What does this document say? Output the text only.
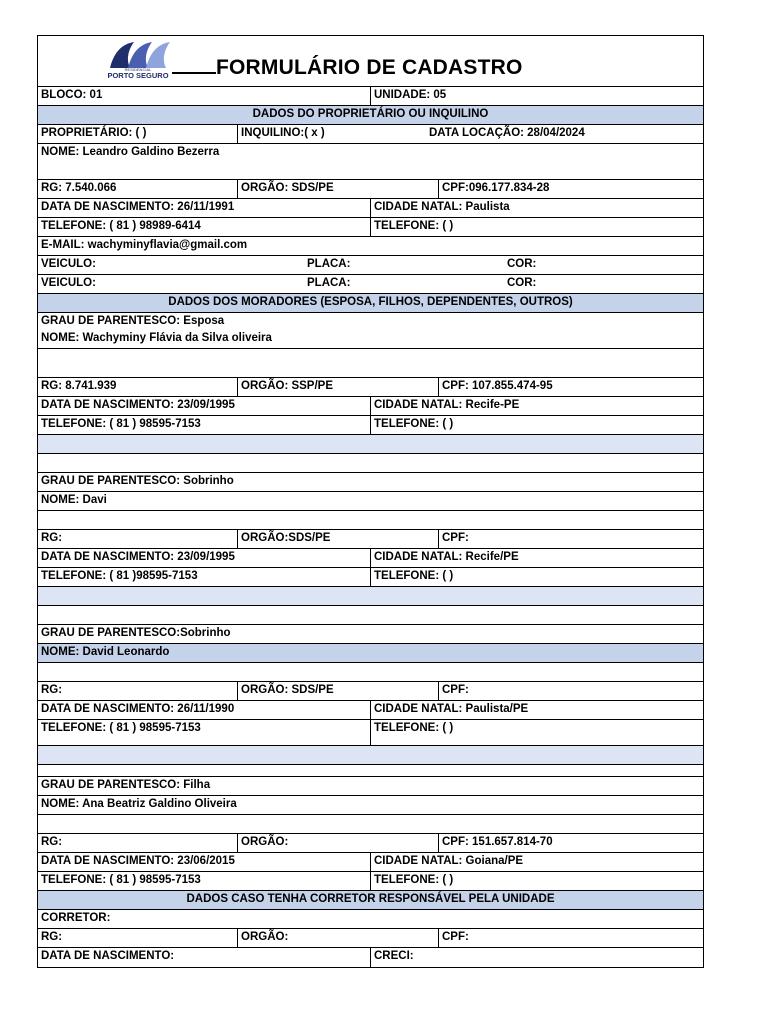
RESIDENCIAL
PORTO SEGURO	FORMULÁRIO DE CADASTRO
BLOCO: 01	UNIDADE: 05
DADOS DO PROPRIETÁRIO OU INQUILINO
PROPRIETÁRIO: ( )	INQUILINO:( x )	DATA LOCAÇÃO: 28/04/2024
NOME: Leandro Galdino Bezerra
RG: 7.540.066	ORGÃO: SDS/PE	CPF:096.177.834-28
DATA DE NASCIMENTO: 26/11/1991	CIDADE NATAL: Paulista
TELEFONE: ( 81 ) 98989-6414	TELEFONE: ( )
E-MAIL: wachyminyflavia@gmail.com
VEICULO:	PLACA:	COR:
VEICULO:	PLACA:	COR:
DADOS DOS MORADORES (ESPOSA, FILHOS, DEPENDENTES, OUTROS)
GRAU DE PARENTESCO: Esposa
NOME: Wachyminy Flávia da Silva oliveira
RG: 8.741.939	ORGÃO: SSP/PE	CPF: 107.855.474-95
DATA DE NASCIMENTO: 23/09/1995	CIDADE NATAL: Recife-PE
TELEFONE: ( 81 ) 98595-7153	TELEFONE: ( )
GRAU DE PARENTESCO: Sobrinho
NOME: Davi
RG:	ORGÃO:SDS/PE	CPF:
DATA DE NASCIMENTO: 23/09/1995	CIDADE NATAL: Recife/PE
TELEFONE: ( 81 )98595-7153	TELEFONE: ( )
GRAU DE PARENTESCO:Sobrinho
NOME: David Leonardo
RG:	ORGÃO: SDS/PE	CPF:
DATA DE NASCIMENTO: 26/11/1990	CIDADE NATAL: Paulista/PE
TELEFONE: ( 81 ) 98595-7153	TELEFONE: ( )
GRAU DE PARENTESCO: Filha
NOME: Ana Beatriz Galdino Oliveira
RG:	ORGÃO:	CPF: 151.657.814-70
DATA DE NASCIMENTO: 23/06/2015	CIDADE NATAL: Goiana/PE
TELEFONE: ( 81 ) 98595-7153	TELEFONE: ( )
DADOS CASO TENHA CORRETOR RESPONSÁVEL PELA UNIDADE
CORRETOR:
RG:	ORGÃO:	CPF:
DATA DE NASCIMENTO:	CRECI:
